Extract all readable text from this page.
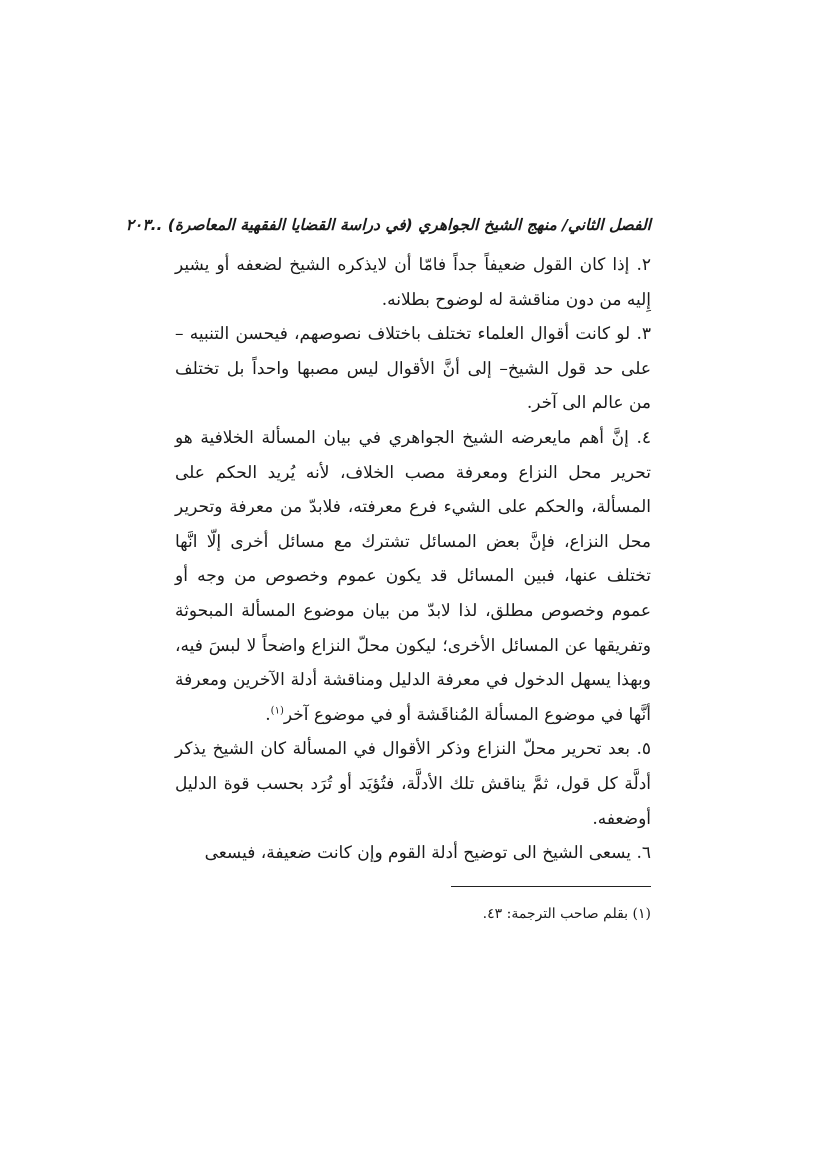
الفصل الثاني/ منهج الشيخ الجواهري (في دراسة القضايا الفقهية المعاصرة) ..٢٠٣

٢. إذا كان القول ضعيفاً جداً فامّا أن لايذكره الشيخ لضعفه أو يشير إِليه من دون مناقشة له لوضوح بطلانه.

٣. لو كانت أقوال العلماء تختلف باختلاف نصوصهم، فيحسن التنبيه – على حد قول الشيخ– إلى أنَّ الأقوال ليس مصبها واحداً بل تختلف من عالم الى آخر.

٤. إنَّ أهم مايعرضه الشيخ الجواهري في بيان المسألة الخلافية هو تحرير محل النزاع ومعرفة مصب الخلاف، لأنه يُريد الحكم على المسألة، والحكم على الشيء فرع معرفته، فلابدّ من معرفة وتحرير محل النزاع، فإنَّ بعض المسائل تشترك مع مسائل أخرى إلّا انَّها تختلف عنها، فبين المسائل قد يكون عموم وخصوص من وجه أو عموم وخصوص مطلق، لذا لابدّ من بيان موضوع المسألة المبحوثة وتفريقها عن المسائل الأخرى؛ ليكون محلّ النزاع واضحاً لا لبسَ فيه، وبهذا يسهل الدخول في معرفة الدليل ومناقشة أدلة الآخرين ومعرفة أنَّها في موضوع المسألة المُناقَشة أو في موضوع آخر$^{(١)}$.

٥. بعد تحرير محلّ النزاع وذكر الأقوال في المسألة كان الشيخ يذكر أدلَّة كل قول، ثمَّ يناقش تلك الأدلَّة، فتُؤيَد أو تُرَد بحسب قوة الدليل أوضعفه.

٦. يسعى الشيخ الى توضيح أدلة القوم وإن كانت ضعيفة، فيسعى

(١) بقلم صاحب الترجمة: ٤٣.
